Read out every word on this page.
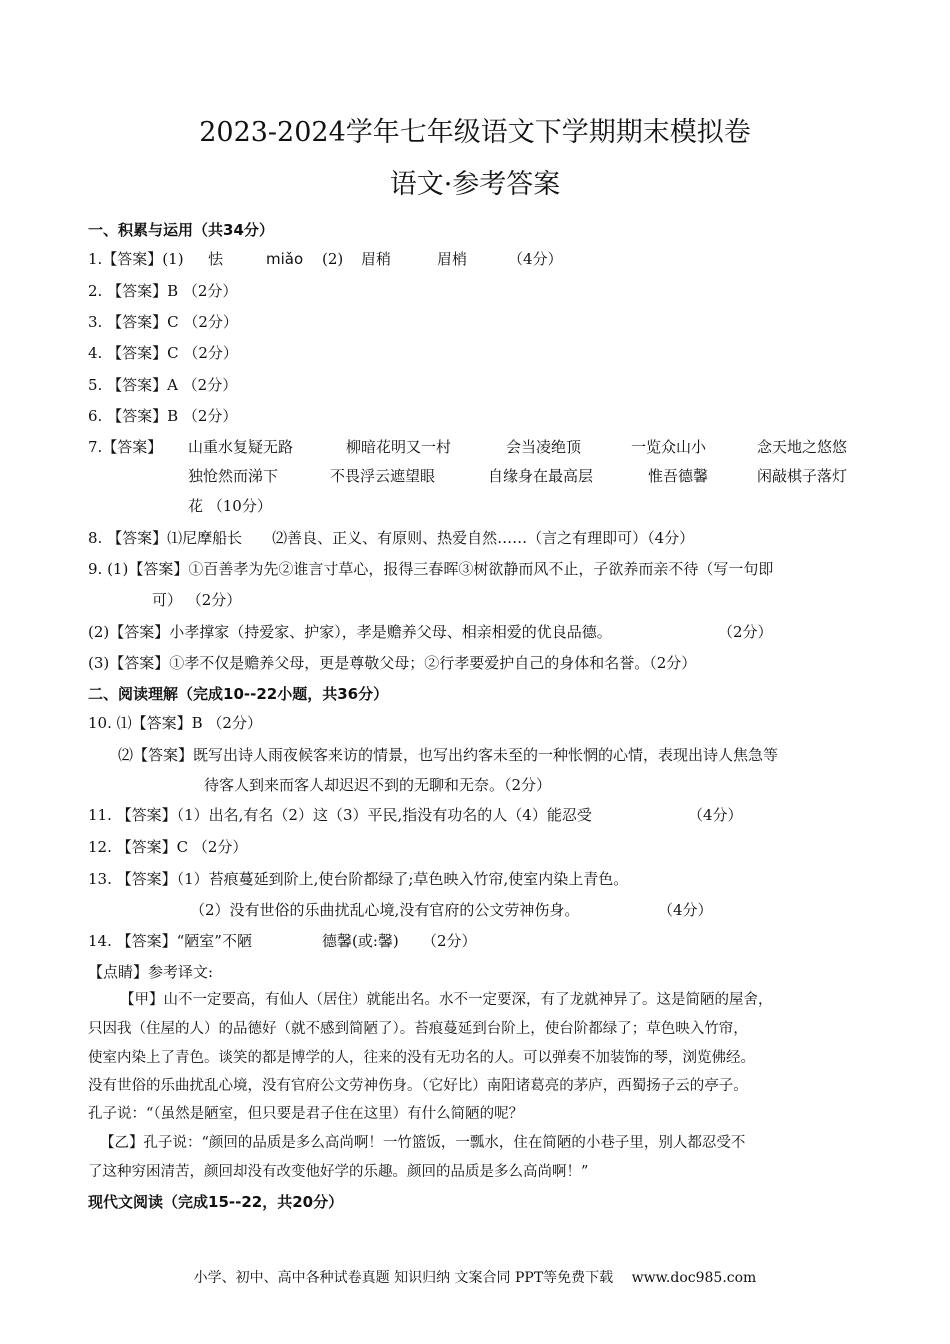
2023-2024学年七年级语文下学期期末模拟卷
语文·参考答案
一、积累与运用（共34分）
1.【答案】(1) 怯	miǎo (2) 眉稍	眉梢	（4分）
2. 【答案】B （2分）
3. 【答案】C （2分）
4. 【答案】C （2分）
5. 【答案】A （2分）
6. 【答案】B （2分）
7.【答案】 山重水复疑无路	柳暗花明又一村	会当凌绝顶	一览众山小	念天地之悠悠
独怆然而涕下	不畏浮云遮望眼	自缘身在最高层	惟吾德馨	闲敲棋子落灯
花 （10分）
8. 【答案】⑴尼摩船长　　⑵善良、正义、有原则、热爱自然……（言之有理即可）（4分）
9. (1)【答案】①百善孝为先②谁言寸草心，报得三春晖③树欲静而风不止，子欲养而亲不待（写一句即
可） （2分）
(2)【答案】小孝撑家（持爱家、护家），孝是赡养父母、相亲相爱的优良品德。	（2分）
(3)【答案】①孝不仅是赡养父母，更是尊敬父母；②行孝要爱护自己的身体和名誉。（2分）
二、阅读理解（完成10--22小题，共36分）
10. ⑴【答案】B （2分）
⑵【答案】既写出诗人雨夜候客来访的情景，也写出约客未至的一种怅惘的心情，表现出诗人焦急等
待客人到来而客人却迟迟不到的无聊和无奈。（2分）
11. 【答案】（1）出名,有名（2）这（3）平民,指没有功名的人（4）能忍受	（4分）
12. 【答案】C （2分）
13. 【答案】（1）苔痕蔓延到阶上,使台阶都绿了;草色映入竹帘,使室内染上青色。
（2）没有世俗的乐曲扰乱心境,没有官府的公文劳神伤身。	（4分）
14. 【答案】“陋室”不陋	德馨(或:馨) （2分）
【点睛】参考译文:
【甲】山不一定要高，有仙人（居住）就能出名。水不一定要深，有了龙就神异了。这是简陋的屋舍，
只因我（住屋的人）的品德好（就不感到简陋了）。苔痕蔓延到台阶上，使台阶都绿了；草色映入竹帘，
使室内染上了青色。谈笑的都是博学的人，往来的没有无功名的人。可以弹奏不加装饰的琴，浏览佛经。
没有世俗的乐曲扰乱心境，没有官府公文劳神伤身。（它好比）南阳诸葛亮的茅庐，西蜀扬子云的亭子。
孔子说：“（虽然是陋室，但只要是君子住在这里）有什么简陋的呢？
【乙】孔子说：“颜回的品质是多么高尚啊！一竹篮饭，一瓢水，住在简陋的小巷子里，别人都忍受不
了这种穷困清苦，颜回却没有改变他好学的乐趣。颜回的品质是多么高尚啊！”
现代文阅读（完成15--22，共20分）
小学、初中、高中各种试卷真题 知识归纳 文案合同 PPT等免费下载　 www.doc985.com
